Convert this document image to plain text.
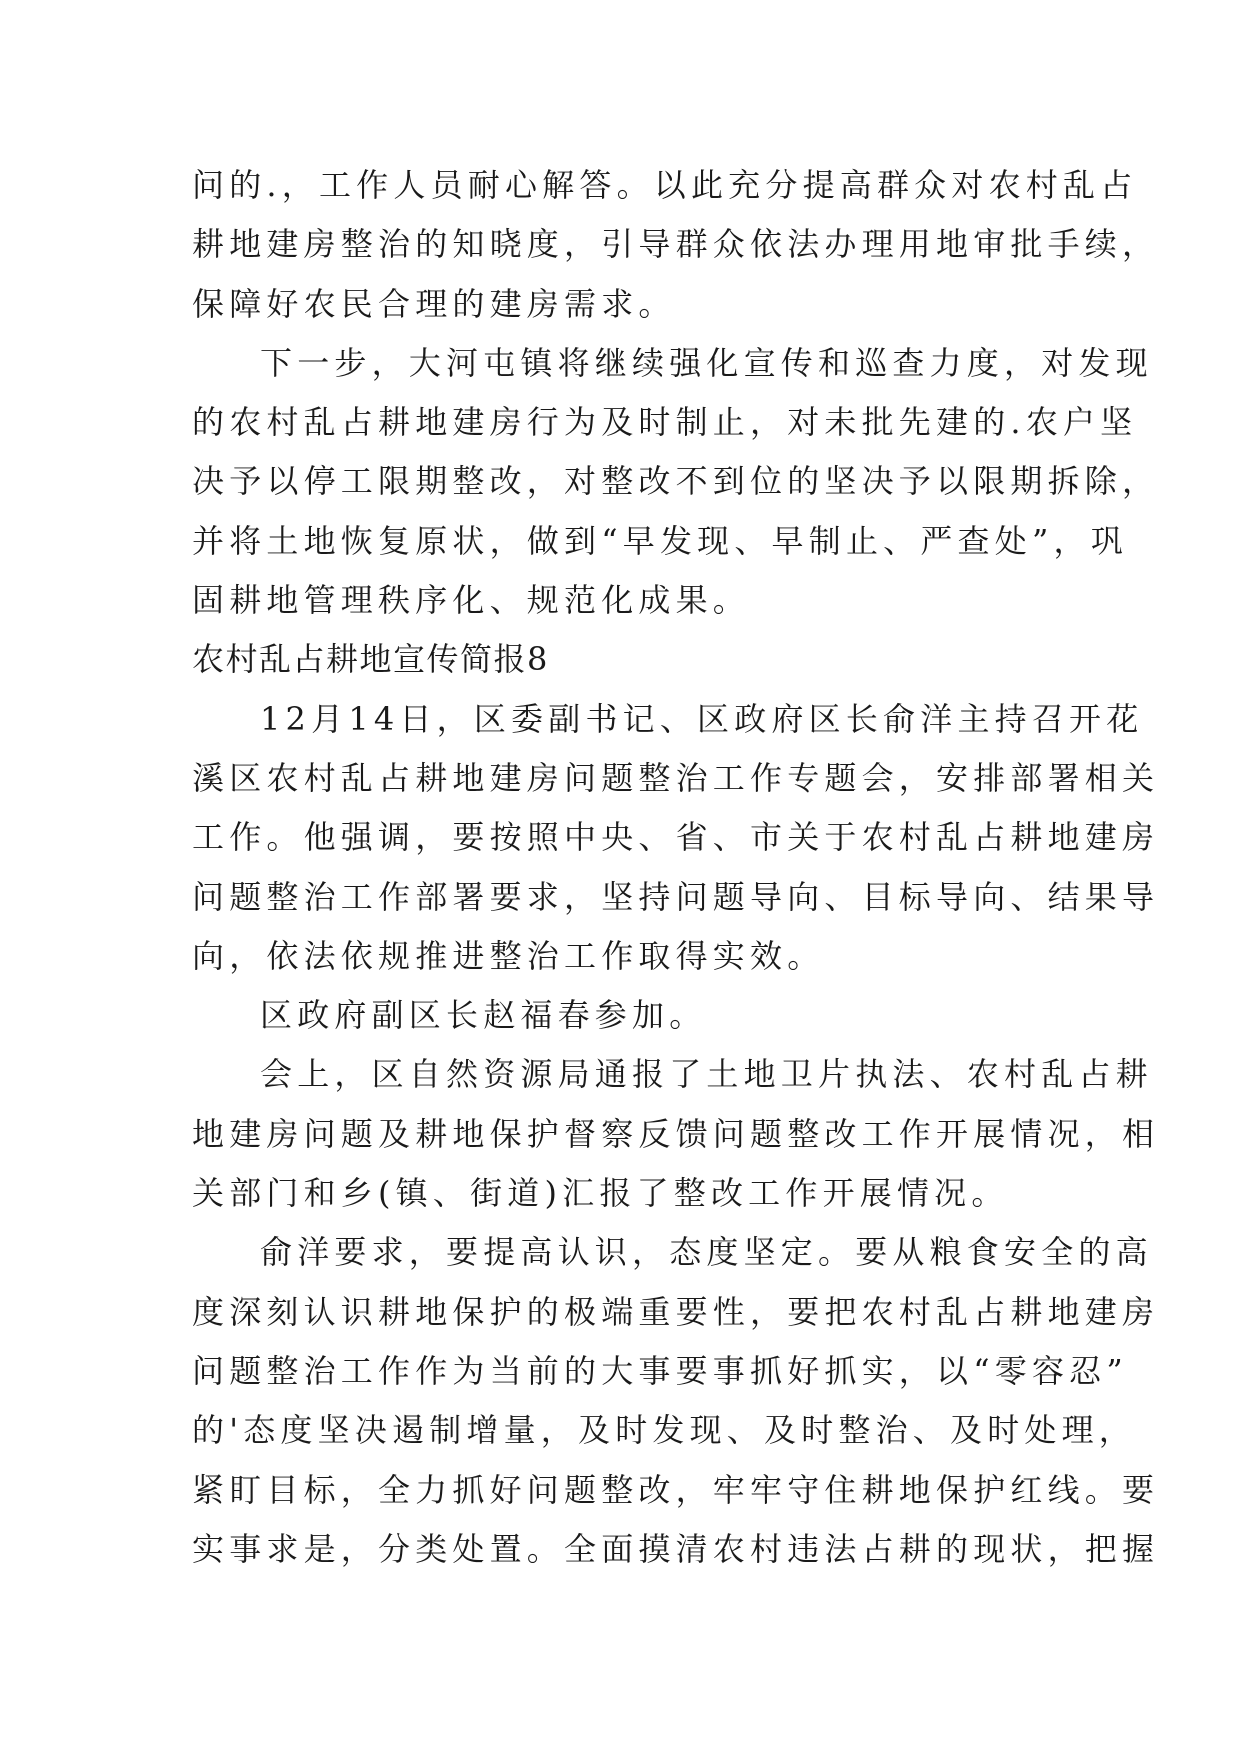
问的.，工作人员耐心解答。以此充分提高群众对农村乱占
耕地建房整治的知晓度，引导群众依法办理用地审批手续，
保障好农民合理的建房需求。
下一步，大河屯镇将继续强化宣传和巡查力度，对发现
的农村乱占耕地建房行为及时制止，对未批先建的.农户坚
决予以停工限期整改，对整改不到位的坚决予以限期拆除，
并将土地恢复原状，做到“早发现、早制止、严查处”，巩
固耕地管理秩序化、规范化成果。
农村乱占耕地宣传简报8
12月14日，区委副书记、区政府区长俞洋主持召开花
溪区农村乱占耕地建房问题整治工作专题会，安排部署相关
工作。他强调，要按照中央、省、市关于农村乱占耕地建房
问题整治工作部署要求，坚持问题导向、目标导向、结果导
向，依法依规推进整治工作取得实效。
区政府副区长赵福春参加。
会上，区自然资源局通报了土地卫片执法、农村乱占耕
地建房问题及耕地保护督察反馈问题整改工作开展情况，相
关部门和乡(镇、街道)汇报了整改工作开展情况。
俞洋要求，要提高认识，态度坚定。要从粮食安全的高
度深刻认识耕地保护的极端重要性，要把农村乱占耕地建房
问题整治工作作为当前的大事要事抓好抓实，以“零容忍”
的'态度坚决遏制增量，及时发现、及时整治、及时处理，
紧盯目标，全力抓好问题整改，牢牢守住耕地保护红线。要
实事求是，分类处置。全面摸清农村违法占耕的现状，把握
